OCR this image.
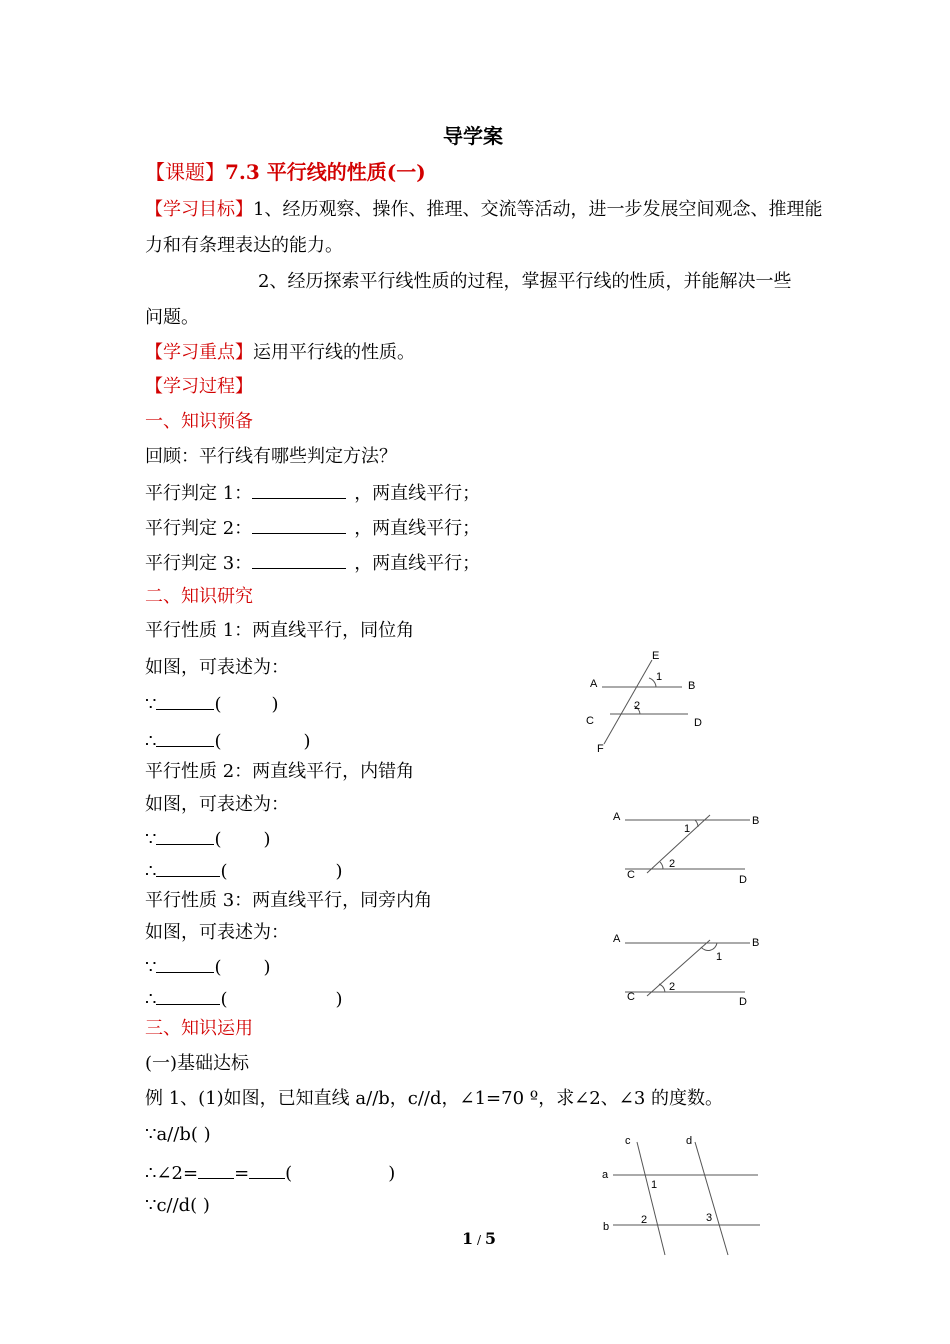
导学案
【课题】7.3 平行线的性质(一)
【学习目标】1、经历观察、操作、推理、交流等活动，进一步发展空间观念、推理能
力和有条理表达的能力。
2、经历探索平行线性质的过程，掌握平行线的性质，并能解决一些
问题。
【学习重点】运用平行线的性质。
【学习过程】
一、知识预备
回顾：平行线有哪些判定方法？
平行判定 1：	，两直线平行；
平行判定 2：	，两直线平行；
平行判定 3：	，两直线平行；
二、知识研究
平行性质 1：两直线平行，同位角
如图，可表述为：
∵	(	)
∴	(	)
平行性质 2：两直线平行，内错角
如图，可表述为：
∵	( )
∴	(	)
平行性质 3：两直线平行，同旁内角
如图，可表述为：
∵	( )
∴	(	)
三、知识运用
(一)基础达标
例 1、(1)如图，已知直线 a//b，c//d，∠1=70 º，求∠2、∠3 的度数。
∵a//b( )
∴∠2= = (	)
∵c//d( )
E
1
A	B
2
C	D
F
A	B
1
2
C	D
A	B
1
2
C	D
c	d
a
1
b
2	3
1 / 5
